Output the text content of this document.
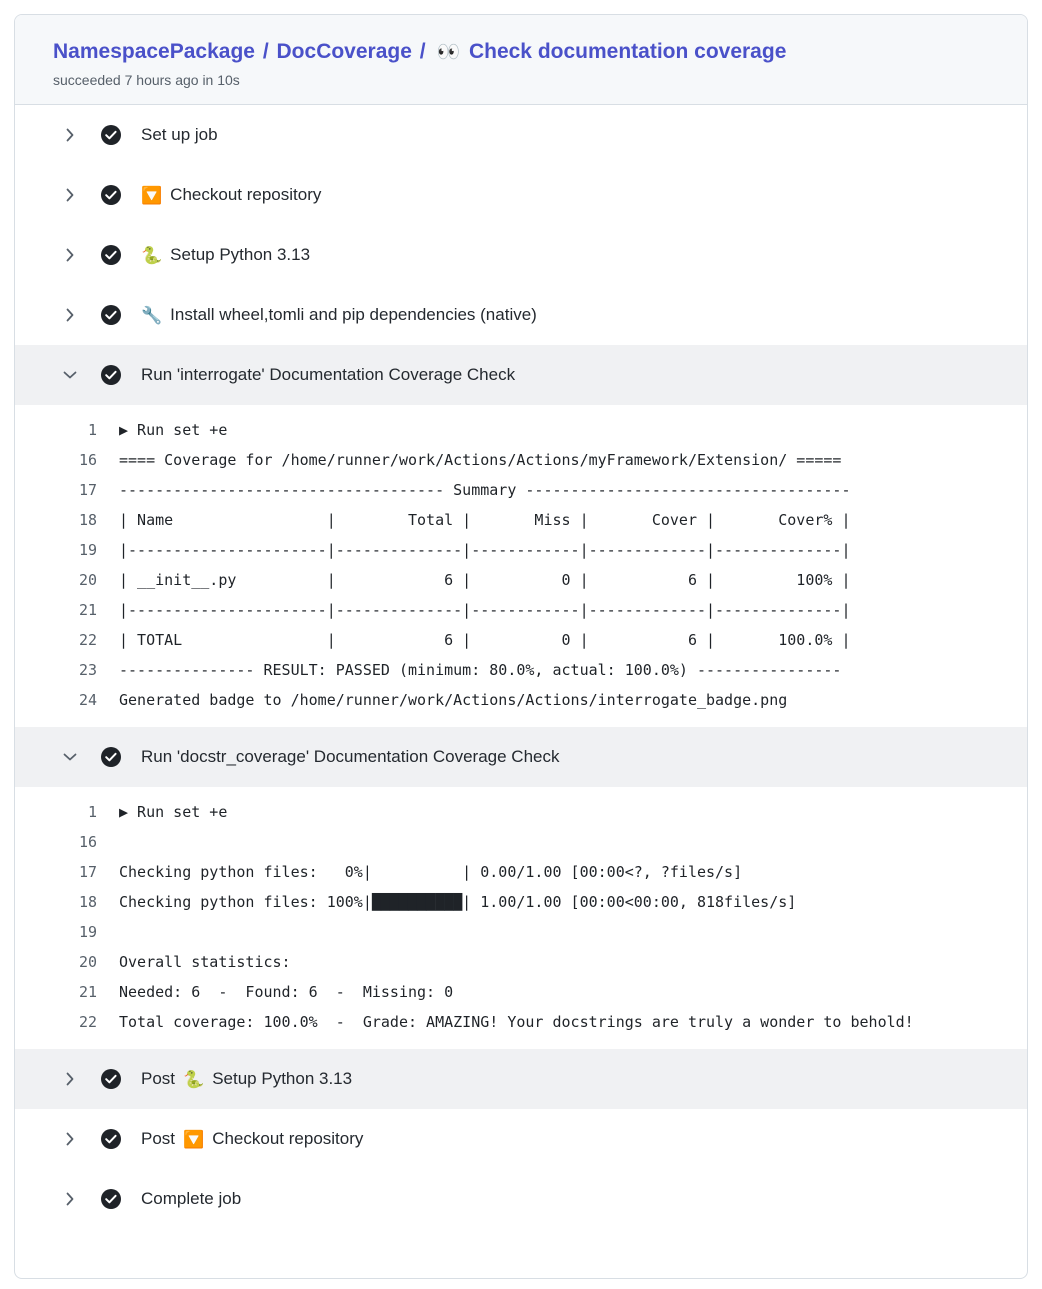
NamespacePackage / DocCoverage / 👀 Check documentation coverage
succeeded 7 hours ago in 10s
Set up job
🔽 Checkout repository
🐍 Setup Python 3.13
🔧 Install wheel,tomli and pip dependencies (native)
Run 'interrogate' Documentation Coverage Check
1	▶ Run set +e
16	==== Coverage for /home/runner/work/Actions/Actions/myFramework/Extension/ =====
17	------------------------------------ Summary ------------------------------------
18	| Name                 |        Total |       Miss |       Cover |       Cover% |
19	|----------------------|--------------|------------|-------------|--------------|
20	| __init__.py          |            6 |          0 |           6 |         100% |
21	|----------------------|--------------|------------|-------------|--------------|
22	| TOTAL                |            6 |          0 |           6 |       100.0% |
23	--------------- RESULT: PASSED (minimum: 80.0%, actual: 100.0%) ----------------
24	Generated badge to /home/runner/work/Actions/Actions/interrogate_badge.png
Run 'docstr_coverage' Documentation Coverage Check
1	▶ Run set +e
16
17	Checking python files:   0%|          | 0.00/1.00 [00:00<?, ?files/s]
18	Checking python files: 100%|██████████| 1.00/1.00 [00:00<00:00, 818files/s]
19
20	Overall statistics:
21	Needed: 6  -  Found: 6  -  Missing: 0
22	Total coverage: 100.0%  -  Grade: AMAZING! Your docstrings are truly a wonder to behold!
Post 🐍 Setup Python 3.13
Post 🔽 Checkout repository
Complete job
